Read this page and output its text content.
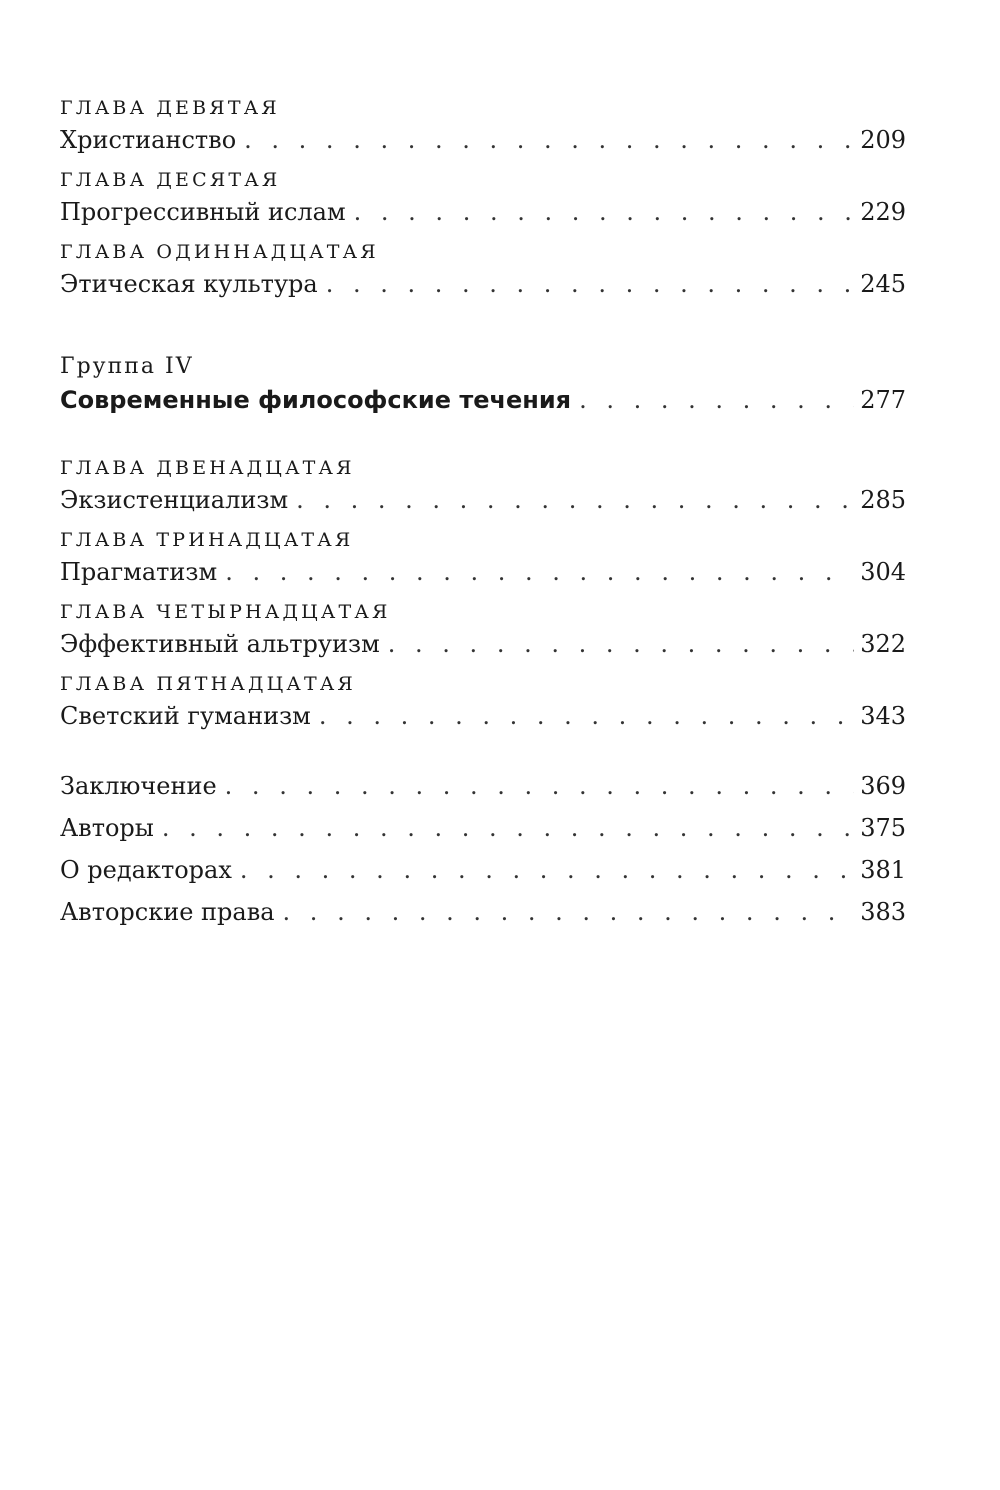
ГЛАВА ДЕВЯТАЯ
Христианство . . .	209
ГЛАВА ДЕСЯТАЯ
Прогрессивный ислам . . .	229
ГЛАВА ОДИННАДЦАТАЯ
Этическая культура . . .	245
Группа IV
Современные философские течения . . .	277
ГЛАВА ДВЕНАДЦАТАЯ
Экзистенциализм . . .	285
ГЛАВА ТРИНАДЦАТАЯ
Прагматизм . . .	304
ГЛАВА ЧЕТЫРНАДЦАТАЯ
Эффективный альтруизм . . .	322
ГЛАВА ПЯТНАДЦАТАЯ
Светский гуманизм . . .	343
Заключение . . .	369
Авторы . . .	375
О редакторах . . .	381
Авторские права . . .	383
